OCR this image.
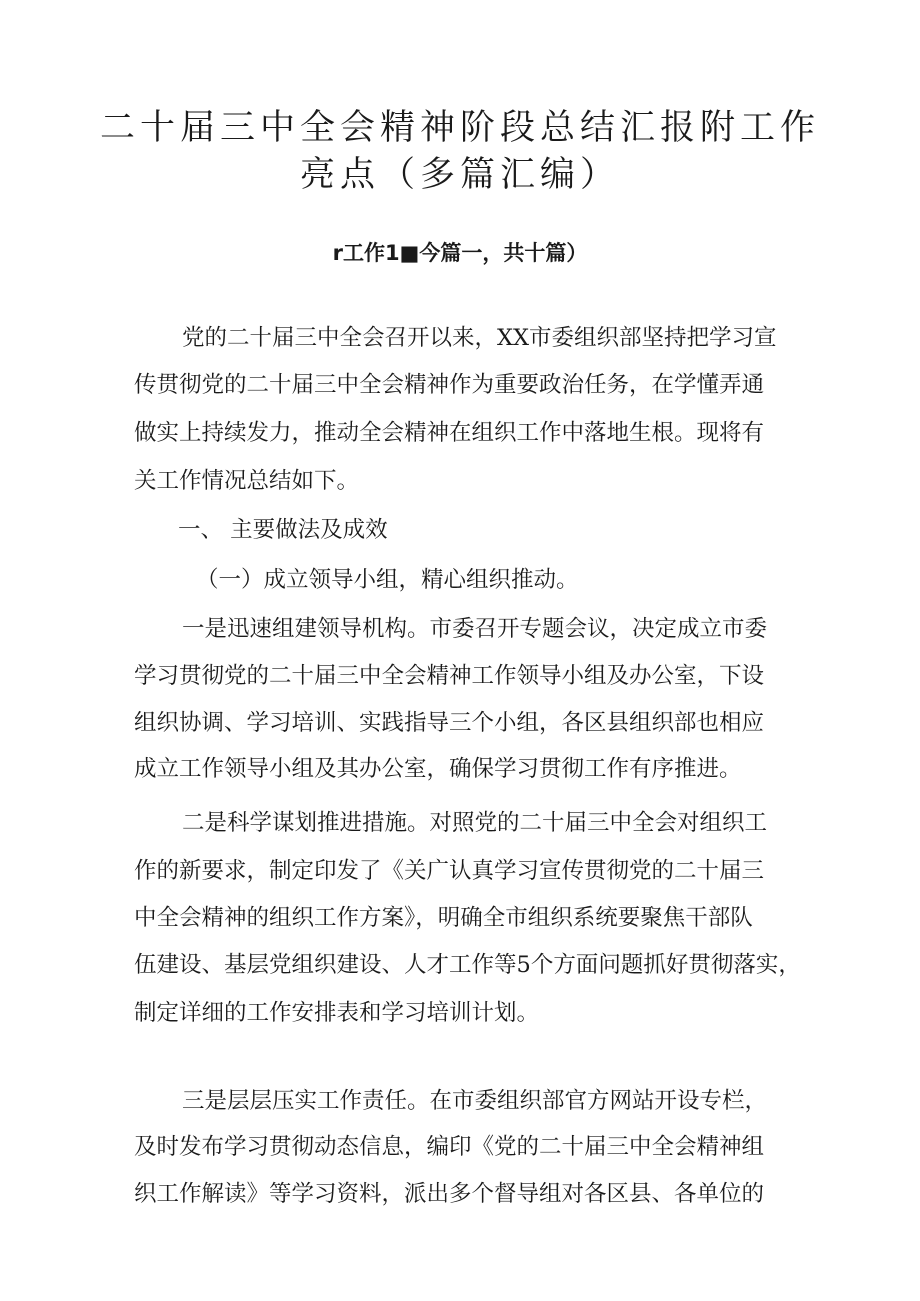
二十届三中全会精神阶段总结汇报附工作
亮点（多篇汇编）
r工作1■今篇一，共十篇）
党的二十届三中全会召开以来，XX市委组织部坚持把学习宣
传贯彻党的二十届三中全会精神作为重要政治任务，在学懂弄通
做实上持续发力，推动全会精神在组织工作中落地生根。现将有
关工作情况总结如下。
一、 主要做法及成效
（一）成立领导小组，精心组织推动。
一是迅速组建领导机构。市委召开专题会议，决定成立市委
学习贯彻党的二十届三中全会精神工作领导小组及办公室，下设
组织协调、学习培训、实践指导三个小组，各区县组织部也相应
成立工作领导小组及其办公室，确保学习贯彻工作有序推进。
二是科学谋划推进措施。对照党的二十届三中全会对组织工
作的新要求，制定印发了《关广认真学习宣传贯彻党的二十届三
中全会精神的组织工作方案》，明确全市组织系统要聚焦干部队
伍建设、基层党组织建设、人才工作等5个方面问题抓好贯彻落实，
制定详细的工作安排表和学习培训计划。
三是层层压实工作责任。在市委组织部官方网站开设专栏，
及时发布学习贯彻动态信息，编印《党的二十届三中全会精神组
织工作解读》等学习资料，派出多个督导组对各区县、各单位的
